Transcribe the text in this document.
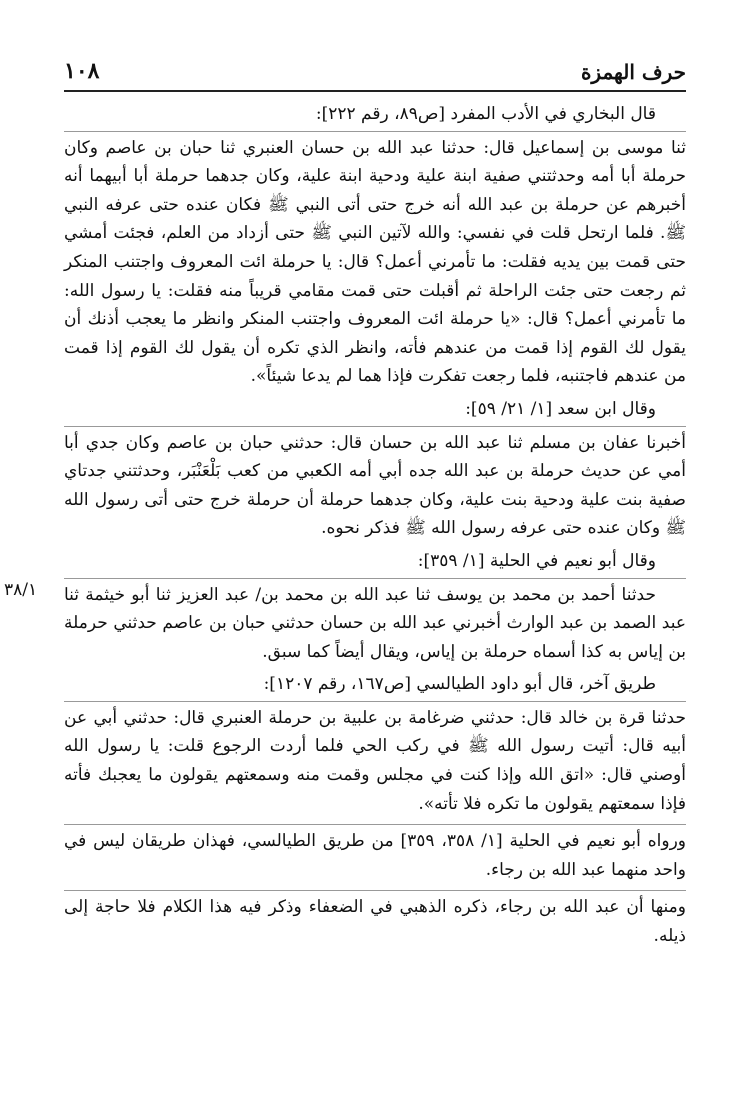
١٠٨	حرف الهمزة

قال البخاري في الأدب المفرد [ص٨٩، رقم ٢٢٢]:

ثنا موسى بن إسماعيل قال: حدثنا عبد الله بن حسان العنبري ثنا حبان بن عاصم وكان حرملة أبا أمه وحدثتني صفية ابنة علية ودحية ابنة علية، وكان جدهما حرملة أبا أبيهما أنه أخبرهم عن حرملة بن عبد الله أنه خرج حتى أتى النبي ﷺ فكان عنده حتى عرفه النبي ﷺ. فلما ارتحل قلت في نفسي: والله لآتين النبي ﷺ حتى أزداد من العلم، فجئت أمشي حتى قمت بين يديه فقلت: ما تأمرني أعمل؟ قال: يا حرملة ائت المعروف واجتنب المنكر ثم رجعت حتى جئت الراحلة ثم أقبلت حتى قمت مقامي قريباً منه فقلت: يا رسول الله: ما تأمرني أعمل؟ قال: «يا حرملة ائت المعروف واجتنب المنكر وانظر ما يعجب أذنك أن يقول لك القوم إذا قمت من عندهم فأته، وانظر الذي تكره أن يقول لك القوم إذا قمت من عندهم فاجتنبه، فلما رجعت تفكرت فإذا هما لم يدعا شيئاً».

وقال ابن سعد [١/ ٢١/ ٥٩]:

أخبرنا عفان بن مسلم ثنا عبد الله بن حسان قال: حدثني حبان بن عاصم وكان جدي أبا أمي عن حديث حرملة بن عبد الله جده أبي أمه الكعبي من كعب بَلْعَنْبَر، وحدثتني جدتاي صفية بنت علية ودحية بنت علية، وكان جدهما حرملة أن حرملة خرج حتى أتى رسول الله ﷺ وكان عنده حتى عرفه رسول الله ﷺ فذكر نحوه.

وقال أبو نعيم في الحلية [١/ ٣٥٩]:

٣٨/١ حدثنا أحمد بن محمد بن يوسف ثنا عبد الله بن محمد بن/ عبد العزيز ثنا أبو خيثمة ثنا عبد الصمد بن عبد الوارث أخبرني عبد الله بن حسان حدثني حبان بن عاصم حدثني حرملة بن إياس به كذا أسماه حرملة بن إياس، ويقال أيضاً كما سبق.

طريق آخر، قال أبو داود الطيالسي [ص١٦٧، رقم ١٢٠٧]:

حدثنا قرة بن خالد قال: حدثني ضرغامة بن علبية بن حرملة العنبري قال: حدثني أبي عن أبيه قال: أتيت رسول الله ﷺ في ركب الحي فلما أردت الرجوع قلت: يا رسول الله أوصني قال: «اتق الله وإذا كنت في مجلس وقمت منه وسمعتهم يقولون ما يعجبك فأته فإذا سمعتهم يقولون ما تكره فلا تأته».

ورواه أبو نعيم في الحلية [١/ ٣٥٨، ٣٥٩] من طريق الطيالسي، فهذان طريقان ليس في واحد منهما عبد الله بن رجاء.

ومنها أن عبد الله بن رجاء، ذكره الذهبي في الضعفاء وذكر فيه هذا الكلام فلا حاجة إلى ذيله.
